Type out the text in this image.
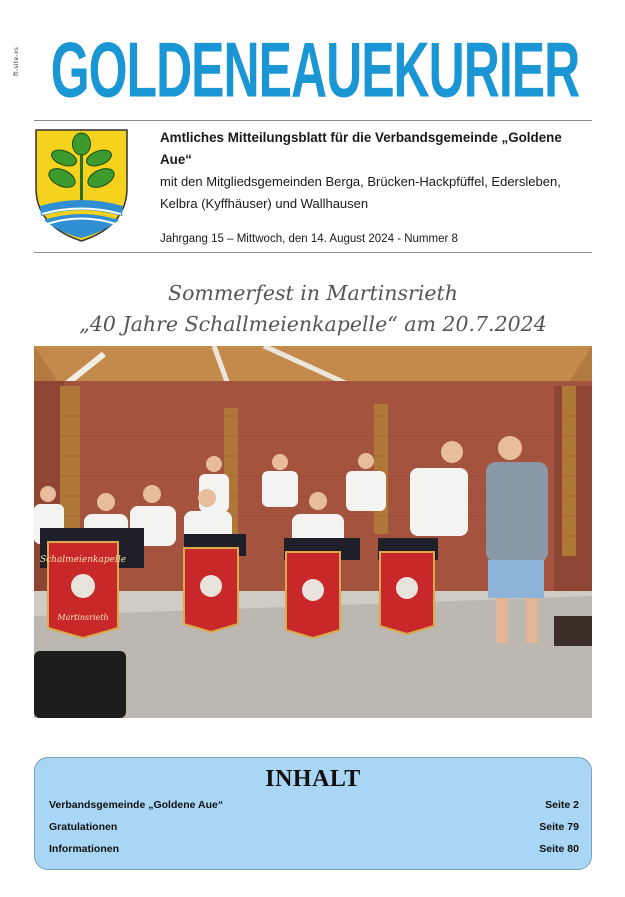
ft-site-xs GOLDENEAUEKURIER
Amtliches Mitteilungsblatt für die Verbandsgemeinde „Goldene Aue“
mit den Mitgliedsgemeinden Berga, Brücken-Hackpfüffel, Edersleben,
Kelbra (Kyffhäuser) und Wallhausen
Jahrgang 15 – Mittwoch, den 14. August 2024 - Nummer 8
Sommerfest in Martinsrieth
„40 Jahre Schallmeienkapelle“ am 20.7.2024
Schalmeienkapelle
Martinsrieth
INHALT
Verbandsgemeinde „Goldene Aue“	Seite 2
Gratulationen	Seite 79
Informationen	Seite 80
